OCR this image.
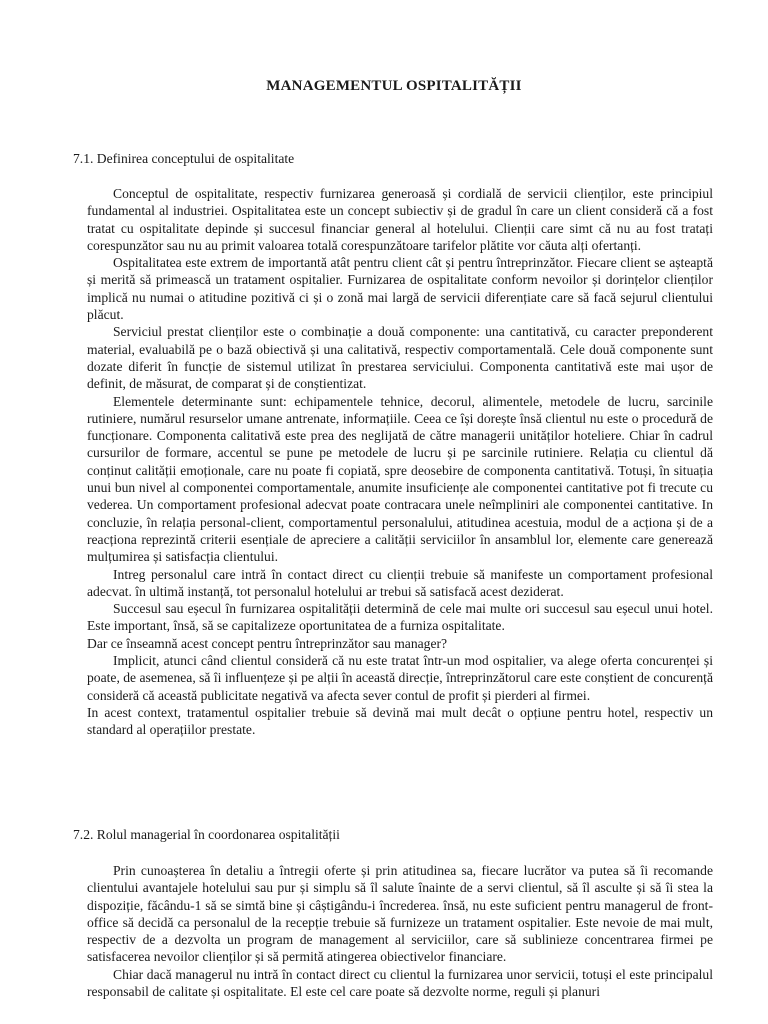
MANAGEMENTUL OSPITALITĂȚII
7.1. Definirea conceptului de ospitalitate

Conceptul de ospitalitate, respectiv furnizarea generoasă și cordială de servicii clienților, este principiul fundamental al industriei. Ospitalitatea este un concept subiectiv și de gradul în care un client consideră că a fost tratat cu ospitalitate depinde și succesul financiar general al hotelului. Clienții care simt că nu au fost tratați corespunzător sau nu au primit valoarea totală corespunzătoare tarifelor plătite vor căuta alți ofertanți.

Ospitalitatea este extrem de importantă atât pentru client cât și pentru întreprinzător. Fiecare client se așteaptă și merită să primească un tratament ospitalier. Furnizarea de ospitalitate conform nevoilor și dorințelor clienților implică nu numai o atitudine pozitivă ci și o zonă mai largă de servicii diferențiate care să facă sejurul clientului plăcut.

Serviciul prestat clienților este o combinație a două componente: una cantitativă, cu caracter preponderent material, evaluabilă pe o bază obiectivă și una calitativă, respectiv comportamentală. Cele două componente sunt dozate diferit în funcție de sistemul utilizat în prestarea serviciului. Componenta cantitativă este mai ușor de definit, de măsurat, de comparat și de conștientizat.

Elementele determinante sunt: echipamentele tehnice, decorul, alimentele, metodele de lucru, sarcinile rutiniere, numărul resurselor umane antrenate, informațiile. Ceea ce își dorește însă clientul nu este o procedură de funcționare. Componenta calitativă este prea des neglijată de către managerii unităților hoteliere. Chiar în cadrul cursurilor de formare, accentul se pune pe metodele de lucru și pe sarcinile rutiniere. Relația cu clientul dă conținut calității emoționale, care nu poate fi copiată, spre deosebire de componenta cantitativă. Totuși, în situația unui bun nivel al componentei comportamentale, anumite insuficiențe ale componentei cantitative pot fi trecute cu vederea. Un comportament profesional adecvat poate contracara unele neîmpliniri ale componentei cantitative. In concluzie, în relația personal-client, comportamentul personalului, atitudinea acestuia, modul de a acționa și de a reacționa reprezintă criterii esențiale de apreciere a calității serviciilor în ansamblul lor, elemente care generează mulțumirea și satisfacția clientului.

Intreg personalul care intră în contact direct cu clienții trebuie să manifeste un comportament profesional adecvat. în ultimă instanță, tot personalul hotelului ar trebui să satisfacă acest deziderat.

Succesul sau eșecul în furnizarea ospitalității determină de cele mai multe ori succesul sau eșecul unui hotel. Este important, însă, să se capitalizeze oportunitatea de a furniza ospitalitate.

Dar ce înseamnă acest concept pentru întreprinzător sau manager?

Implicit, atunci când clientul consideră că nu este tratat într-un mod ospitalier, va alege oferta concurenței și poate, de asemenea, să îi influențeze și pe alții în această direcție, întreprinzătorul care este conștient de concurență consideră că această publicitate negativă va afecta sever contul de profit și pierderi al firmei.

In acest context, tratamentul ospitalier trebuie să devină mai mult decât o opțiune pentru hotel, respectiv un standard al operațiilor prestate.

7.2. Rolul managerial în coordonarea ospitalității

Prin cunoașterea în detaliu a întregii oferte și prin atitudinea sa, fiecare lucrător va putea să îi recomande clientului avantajele hotelului sau pur și simplu să îl salute înainte de a servi clientul, să îl asculte și să îi stea la dispoziție, făcându-1 să se simtă bine și câștigându-i încrederea. însă, nu este suficient pentru managerul de front-office să decidă ca personalul de la recepție trebuie să furnizeze un tratament ospitalier. Este nevoie de mai mult, respectiv de a dezvolta un program de management al serviciilor, care să sublinieze concentrarea firmei pe satisfacerea nevoilor clienților și să permită atingerea obiectivelor financiare.

Chiar dacă managerul nu intră în contact direct cu clientul la furnizarea unor servicii, totuși el este principalul responsabil de calitate și ospitalitate. El este cel care poate să dezvolte norme, reguli și planuri
